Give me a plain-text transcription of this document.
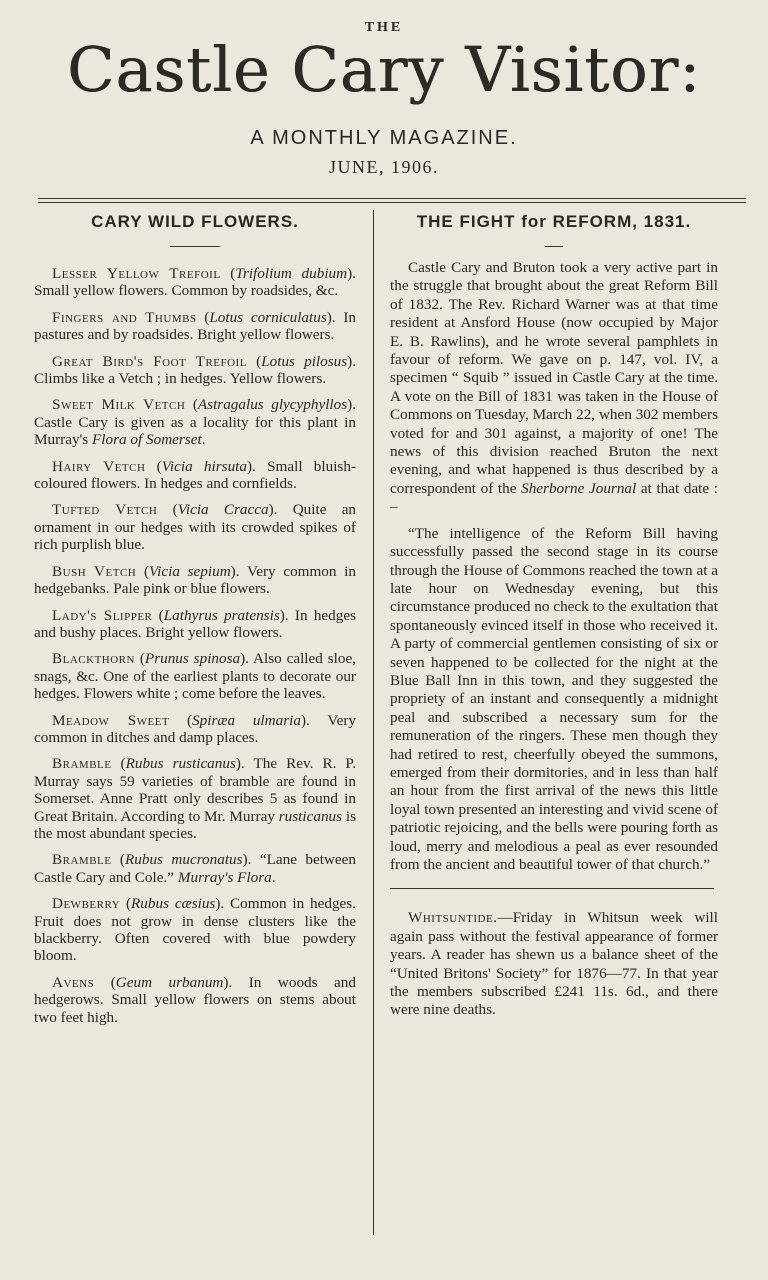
THE
Castle Cary Visitor:
A MONTHLY MAGAZINE.
JUNE, 1906.
CARY WILD FLOWERS.

Lesser Yellow Trefoil (Trifolium dubium). Small yellow flowers. Common by roadsides, &c.

Fingers and Thumbs (Lotus corniculatus). In pastures and by roadsides. Bright yellow flowers.

Great Bird's Foot Trefoil (Lotus pilosus). Climbs like a Vetch ; in hedges. Yellow flowers.

Sweet Milk Vetch (Astragalus glycyphyllos). Castle Cary is given as a locality for this plant in Murray's Flora of Somerset.

Hairy Vetch (Vicia hirsuta). Small bluish-coloured flowers. In hedges and cornfields.

Tufted Vetch (Vicia Cracca). Quite an ornament in our hedges with its crowded spikes of rich purplish blue.

Bush Vetch (Vicia sepium). Very common in hedgebanks. Pale pink or blue flowers.

Lady's Slipper (Lathyrus pratensis). In hedges and bushy places. Bright yellow flowers.

Blackthorn (Prunus spinosa). Also called sloe, snags, &c. One of the earliest plants to decorate our hedges. Flowers white ; come before the leaves.

Meadow Sweet (Spiræa ulmaria). Very common in ditches and damp places.

Bramble (Rubus rusticanus). The Rev. R. P. Murray says 59 varieties of bramble are found in Somerset. Anne Pratt only describes 5 as found in Great Britain. According to Mr. Murray rusticanus is the most abundant species.

Bramble (Rubus mucronatus). “Lane between Castle Cary and Cole.” Murray's Flora.

Dewberry (Rubus cæsius). Common in hedges. Fruit does not grow in dense clusters like the blackberry. Often covered with blue powdery bloom.

Avens (Geum urbanum). In woods and hedgerows. Small yellow flowers on stems about two feet high.

THE FIGHT for REFORM, 1831.

Castle Cary and Bruton took a very active part in the struggle that brought about the great Reform Bill of 1832. The Rev. Richard Warner was at that time resident at Ansford House (now occupied by Major E. B. Rawlins), and he wrote several pamphlets in favour of reform. We gave on p. 147, vol. IV, a specimen “ Squib ” issued in Castle Cary at the time. A vote on the Bill of 1831 was taken in the House of Commons on Tuesday, March 22, when 302 members voted for and 301 against, a majority of one! The news of this division reached Bruton the next evening, and what happened is thus described by a correspondent of the Sherborne Journal at that date : –

“The intelligence of the Reform Bill having successfully passed the second stage in its course through the House of Commons reached the town at a late hour on Wednesday evening, but this circumstance produced no check to the exultation that spontaneously evinced itself in those who received it. A party of commercial gentlemen consisting of six or seven happened to be collected for the night at the Blue Ball Inn in this town, and they suggested the propriety of an instant and consequently a midnight peal and subscribed a necessary sum for the remuneration of the ringers. These men though they had retired to rest, cheerfully obeyed the summons, emerged from their dormitories, and in less than half an hour from the first arrival of the news this little loyal town presented an interesting and vivid scene of patriotic rejoicing, and the bells were pouring forth as loud, merry and melodious a peal as ever resounded from the ancient and beautiful tower of that church.”

Whitsuntide.—Friday in Whitsun week will again pass without the festival appearance of former years. A reader has shewn us a balance sheet of the “United Britons' Society” for 1876—77. In that year the members subscribed £241 11s. 6d., and there were nine deaths.
